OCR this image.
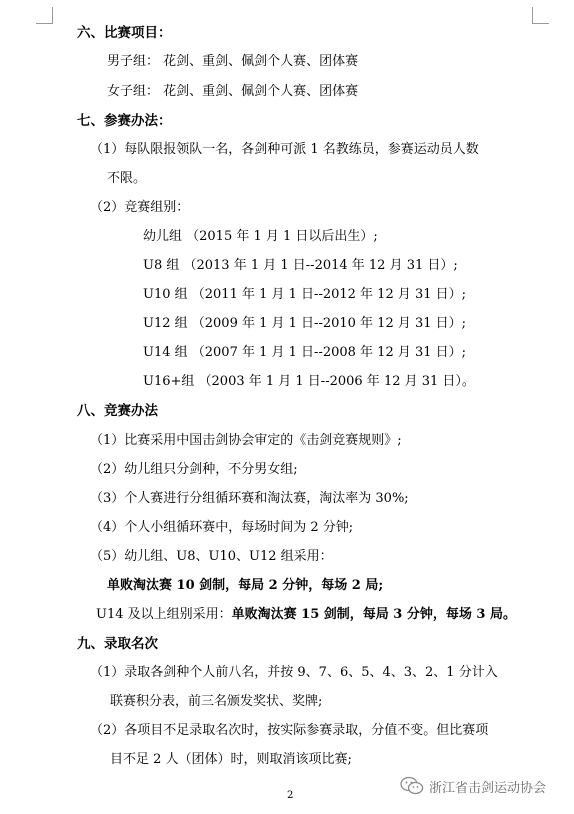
六、比赛项目：
男子组： 花剑、重剑、佩剑个人赛、团体赛
女子组： 花剑、重剑、佩剑个人赛、团体赛
七、参赛办法：
（1）每队限报领队一名，各剑种可派 1 名教练员，参赛运动员人数
不限。
（2）竞赛组别：
幼儿组 （2015 年 1 月 1 日以后出生）;
U8 组 （2013 年 1 月 1 日--2014 年 12 月 31 日）;
U10 组 （2011 年 1 月 1 日--2012 年 12 月 31 日）;
U12 组 （2009 年 1 月 1 日--2010 年 12 月 31 日）;
U14 组 （2007 年 1 月 1 日--2008 年 12 月 31 日）;
U16+组 （2003 年 1 月 1 日--2006 年 12 月 31 日）。
八、竞赛办法
（1）比赛采用中国击剑协会审定的《击剑竞赛规则》;
（2）幼儿组只分剑种，不分男女组;
（3）个人赛进行分组循环赛和淘汰赛，淘汰率为 30%;
（4）个人小组循环赛中，每场时间为 2 分钟;
（5）幼儿组、U8、U10、U12 组采用：
单败淘汰赛 10 剑制，每局 2 分钟，每场 2 局;
U14 及以上组别采用：单败淘汰赛 15 剑制，每局 3 分钟，每场 3 局。
九、录取名次
（1）录取各剑种个人前八名，并按 9、7、6、5、4、3、2、1 分计入
联赛积分表，前三名颁发奖状、奖牌;
（2）各项目不足录取名次时，按实际参赛录取，分值不变。但比赛项
目不足 2 人（团体）时，则取消该项比赛;
2	浙江省击剑运动协会
